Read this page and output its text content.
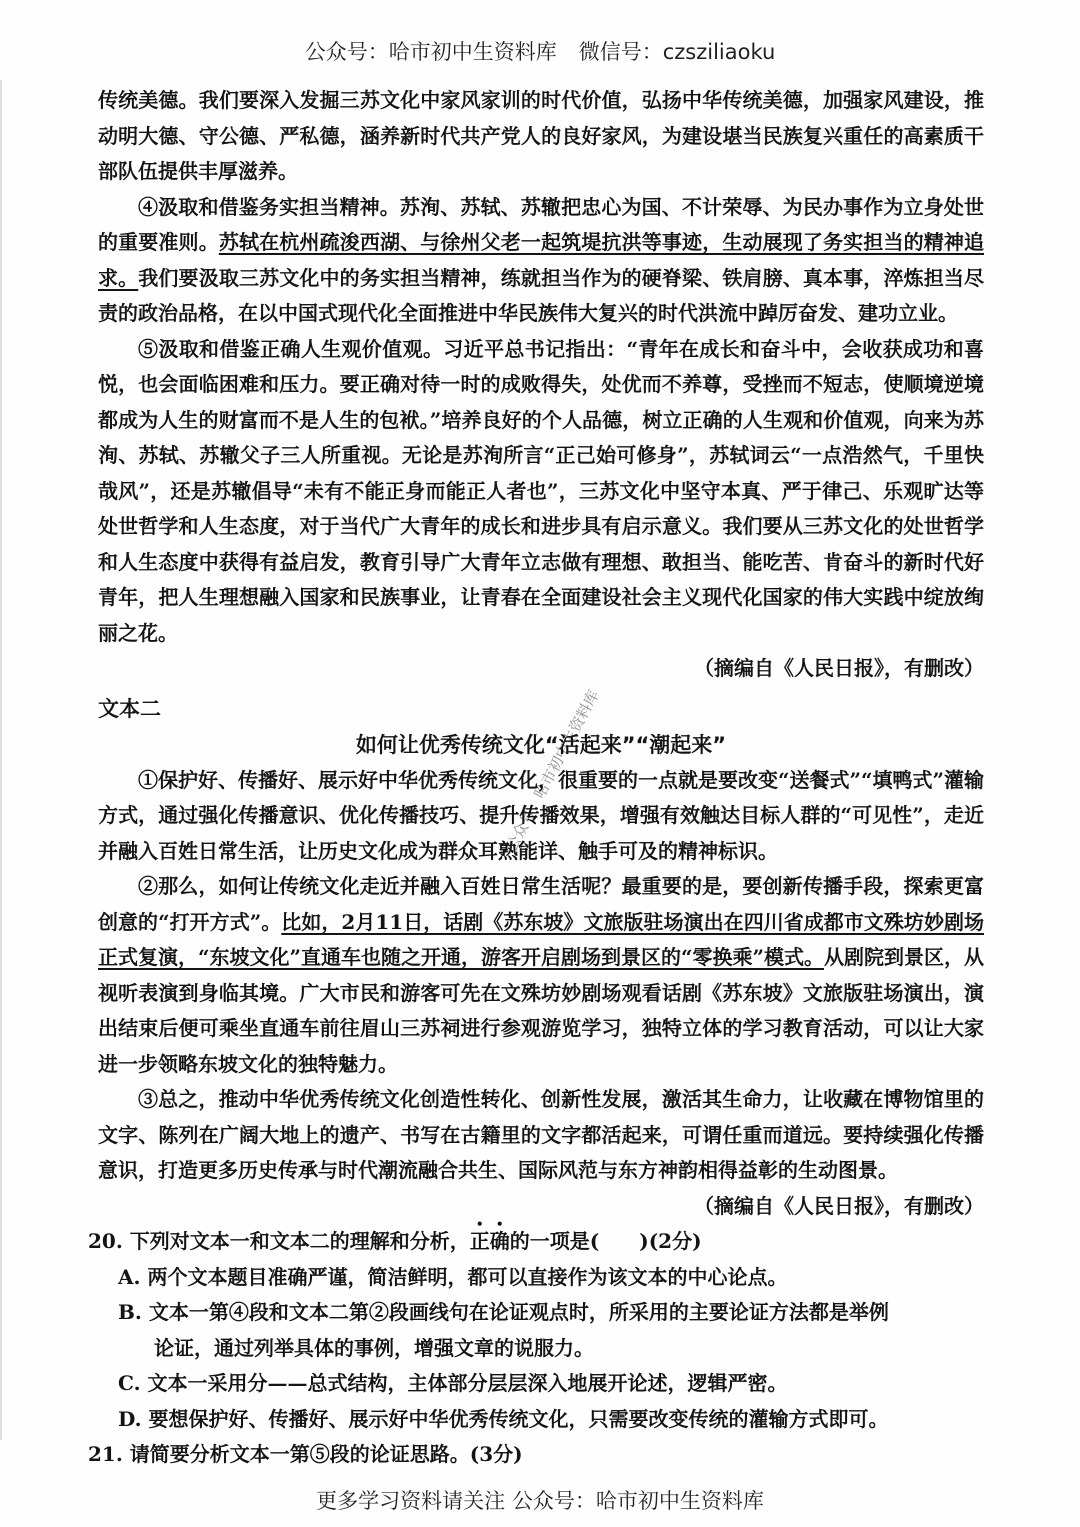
公众号：哈市初中生资料库 微信号：czsziliaoku

传统美德。我们要深入发掘三苏文化中家风家训的时代价值，弘扬中华传统美德，加强家风建设，推动明大德、守公德、严私德，涵养新时代共产党人的良好家风，为建设堪当民族复兴重任的高素质干部队伍提供丰厚滋养。

④汲取和借鉴务实担当精神。苏洵、苏轼、苏辙把忠心为国、不计荣辱、为民办事作为立身处世的重要准则。苏轼在杭州疏浚西湖、与徐州父老一起筑堤抗洪等事迹，生动展现了务实担当的精神追求。我们要汲取三苏文化中的务实担当精神，练就担当作为的硬脊梁、铁肩膀、真本事，淬炼担当尽责的政治品格，在以中国式现代化全面推进中华民族伟大复兴的时代洪流中踔厉奋发、建功立业。

⑤汲取和借鉴正确人生观价值观。习近平总书记指出：“青年在成长和奋斗中，会收获成功和喜悦，也会面临困难和压力。要正确对待一时的成败得失，处优而不养尊，受挫而不短志，使顺境逆境都成为人生的财富而不是人生的包袱。”培养良好的个人品德，树立正确的人生观和价值观，向来为苏洵、苏轼、苏辙父子三人所重视。无论是苏洵所言“正己始可修身”，苏轼词云“一点浩然气，千里快哉风”，还是苏辙倡导“未有不能正身而能正人者也”，三苏文化中坚守本真、严于律己、乐观旷达等处世哲学和人生态度，对于当代广大青年的成长和进步具有启示意义。我们要从三苏文化的处世哲学和人生态度中获得有益启发，教育引导广大青年立志做有理想、敢担当、能吃苦、肯奋斗的新时代好青年，把人生理想融入国家和民族事业，让青春在全面建设社会主义现代化国家的伟大实践中绽放绚丽之花。

（摘编自《人民日报》，有删改）

文本二

如何让优秀传统文化“活起来”“潮起来”

①保护好、传播好、展示好中华优秀传统文化，很重要的一点就是要改变“送餐式”“填鸭式”灌输方式，通过强化传播意识、优化传播技巧、提升传播效果，增强有效触达目标人群的“可见性”，走近并融入百姓日常生活，让历史文化成为群众耳熟能详、触手可及的精神标识。

②那么，如何让传统文化走近并融入百姓日常生活呢？最重要的是，要创新传播手段，探索更富创意的“打开方式”。比如，2月11日，话剧《苏东坡》文旅版驻场演出在四川省成都市文殊坊妙剧场正式复演，“东坡文化”直通车也随之开通，游客开启剧场到景区的“零换乘”模式。从剧院到景区，从视听表演到身临其境。广大市民和游客可先在文殊坊妙剧场观看话剧《苏东坡》文旅版驻场演出，演出结束后便可乘坐直通车前往眉山三苏祠进行参观游览学习，独特立体的学习教育活动，可以让大家进一步领略东坡文化的独特魅力。

③总之，推动中华优秀传统文化创造性转化、创新性发展，激活其生命力，让收藏在博物馆里的文字、陈列在广阔大地上的遗产、书写在古籍里的文字都活起来，可谓任重而道远。要持续强化传播意识，打造更多历史传承与时代潮流融合共生、国际风范与东方神韵相得益彰的生动图景。

（摘编自《人民日报》，有删改）

20. 下列对文本一和文本二的理解和分析，正确的一项是(　　)(2分)

A. 两个文本题目准确严谨，简洁鲜明，都可以直接作为该文本的中心论点。

B. 文本一第④段和文本二第②段画线句在论证观点时，所采用的主要论证方法都是举例

论证，通过列举具体的事例，增强文章的说服力。

C. 文本一采用分——总式结构，主体部分层层深入地展开论述，逻辑严密。

D. 要想保护好、传播好、展示好中华优秀传统文化，只需要改变传统的灌输方式即可。

21. 请简要分析文本一第⑤段的论证思路。(3分)

公众号：哈市初中生资料库
更多学习资料请关注 公众号：哈市初中生资料库
